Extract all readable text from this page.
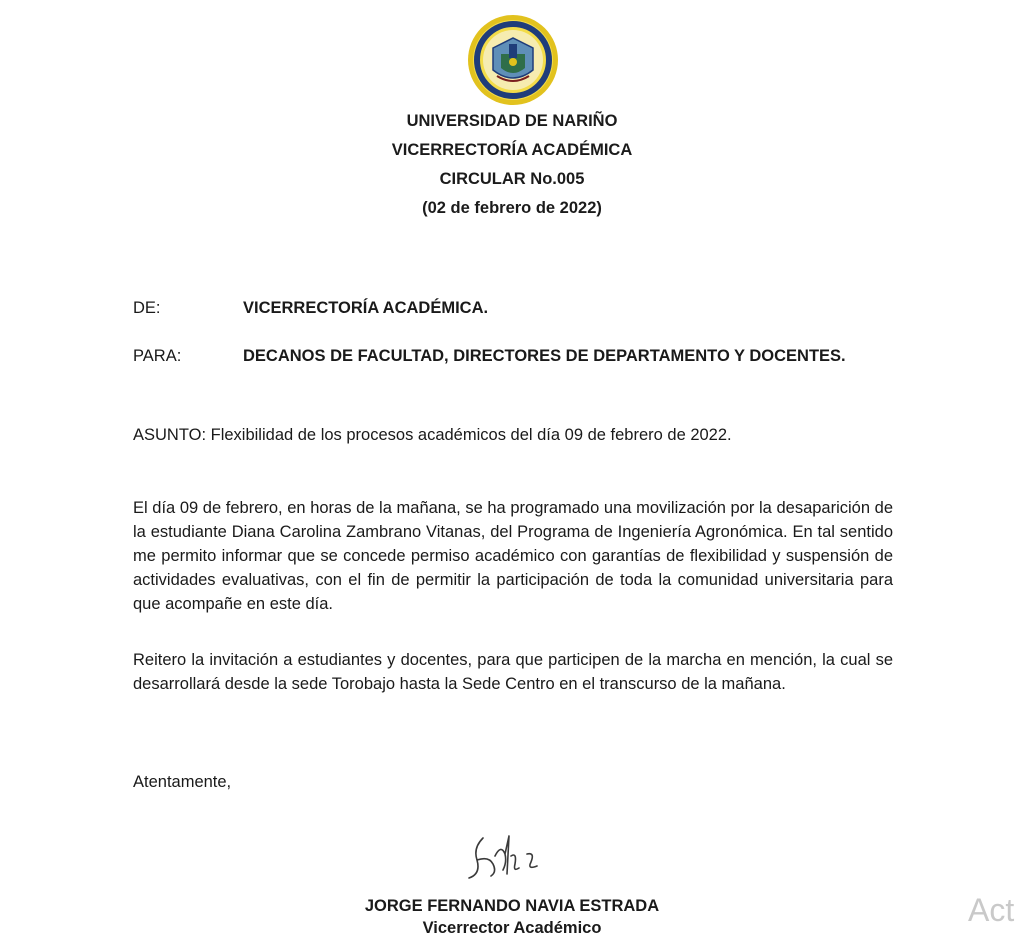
UNIVERSIDAD DE NARIÑO
VICERRECTORÍA ACADÉMICA
CIRCULAR No.005
(02 de febrero de 2022)
DE:	VICERRECTORÍA ACADÉMICA.
PARA:	DECANOS DE FACULTAD, DIRECTORES DE DEPARTAMENTO Y DOCENTES.
ASUNTO: Flexibilidad de los procesos académicos del día 09 de febrero de 2022.
El día 09 de febrero, en horas de la mañana, se ha programado una movilización por la desaparición de la estudiante Diana Carolina Zambrano Vitanas, del Programa de Ingeniería Agronómica. En tal sentido me permito informar que se concede permiso académico con garantías de flexibilidad y suspensión de actividades evaluativas, con el fin de permitir la participación de toda la comunidad universitaria para que acompañe en este día.
Reitero la invitación a estudiantes y docentes, para que participen de la marcha en mención, la cual se desarrollará desde la sede Torobajo hasta la Sede Centro en el transcurso de la mañana.
Atentamente,
JORGE FERNANDO NAVIA ESTRADA
Vicerrector Académico	Act
